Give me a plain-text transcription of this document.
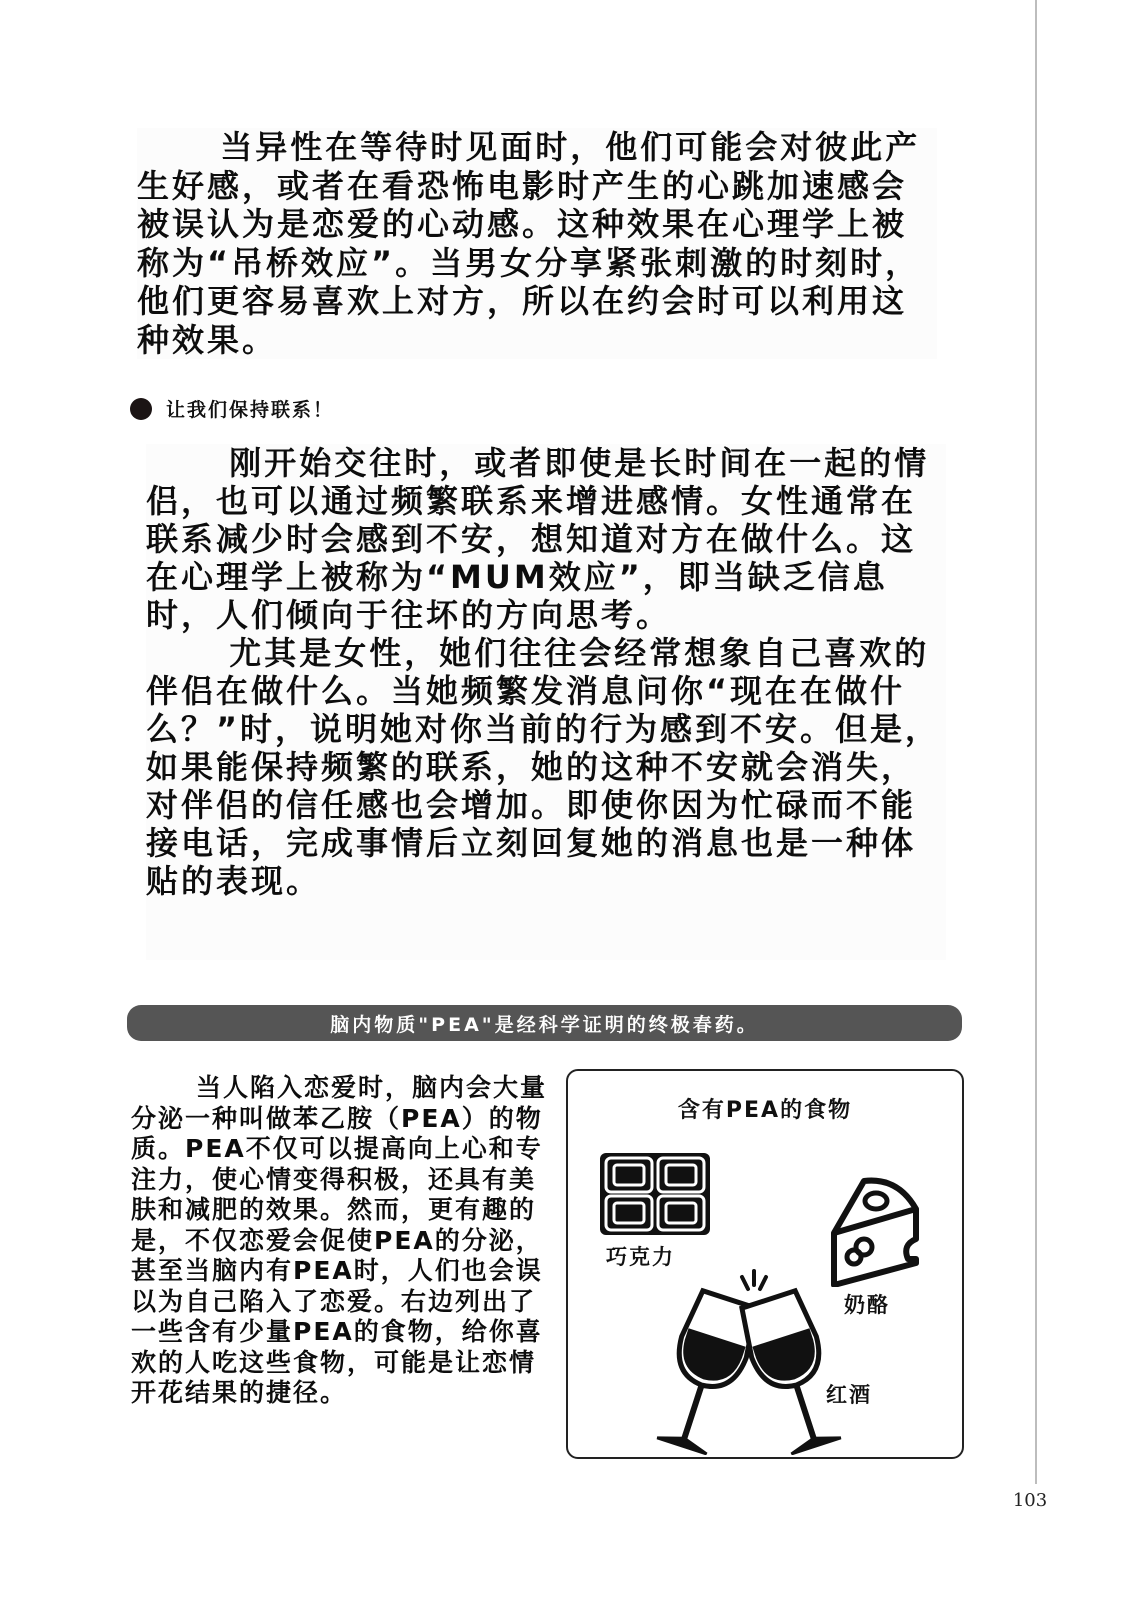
当异性在等待时见面时，他们可能会对彼此产生好感，或者在看恐怖电影时产生的心跳加速感会被误认为是恋爱的心动感。这种效果在心理学上被称为“吊桥效应”。当男女分享紧张刺激的时刻时，他们更容易喜欢上对方，所以在约会时可以利用这种效果。

让我们保持联系！

刚开始交往时，或者即使是长时间在一起的情侣，也可以通过频繁联系来增进感情。女性通常在联系减少时会感到不安，想知道对方在做什么。这在心理学上被称为“MUM效应”，即当缺乏信息时，人们倾向于往坏的方向思考。

尤其是女性，她们往往会经常想象自己喜欢的伴侣在做什么。当她频繁发消息问你“现在在做什么？”时，说明她对你当前的行为感到不安。但是，如果能保持频繁的联系，她的这种不安就会消失，对伴侣的信任感也会增加。即使你因为忙碌而不能接电话，完成事情后立刻回复她的消息也是一种体贴的表现。

脑内物质"PEA"是经科学证明的终极春药。

当人陷入恋爱时，脑内会大量分泌一种叫做苯乙胺（PEA）的物质。PEA不仅可以提高向上心和专注力，使心情变得积极，还具有美肤和减肥的效果。然而，更有趣的是，不仅恋爱会促使PEA的分泌，甚至当脑内有PEA时，人们也会误以为自己陷入了恋爱。右边列出了一些含有少量PEA的食物，给你喜欢的人吃这些食物，可能是让恋情开花结果的捷径。

含有PEA的食物
巧克力
奶酪
红酒
103
